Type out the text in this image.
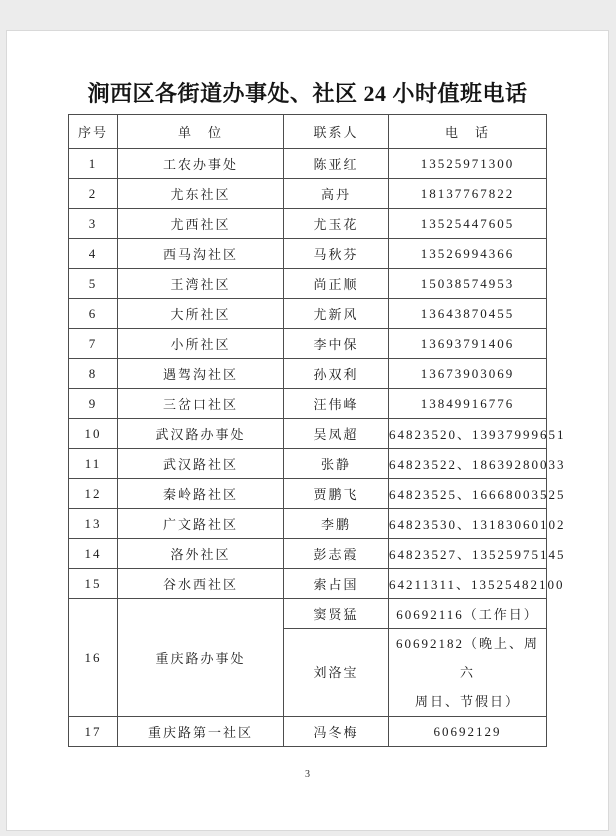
涧西区各街道办事处、社区 24 小时值班电话
序号	单　位	联系人	电　话
1	工农办事处	陈亚红	13525971300
2	尤东社区	高丹	18137767822
3	尤西社区	尤玉花	13525447605
4	西马沟社区	马秋芬	13526994366
5	王湾社区	尚正顺	15038574953
6	大所社区	尤新风	13643870455
7	小所社区	李中保	13693791406
8	遇驾沟社区	孙双利	13673903069
9	三岔口社区	汪伟峰	13849916776
10	武汉路办事处	吴凤超	64823520、13937999651
11	武汉路社区	张静	64823522、18639280033
12	秦岭路社区	贾鹏飞	64823525、16668003525
13	广文路社区	李鹏	64823530、13183060102
14	洛外社区	彭志霞	64823527、13525975145
15	谷水西社区	索占国	64211311、13525482100
16	重庆路办事处	窦贤猛	60692116（工作日）
		刘洛宝	60692182（晚上、周六
周日、节假日）
17	重庆路第一社区	冯冬梅	60692129
3
